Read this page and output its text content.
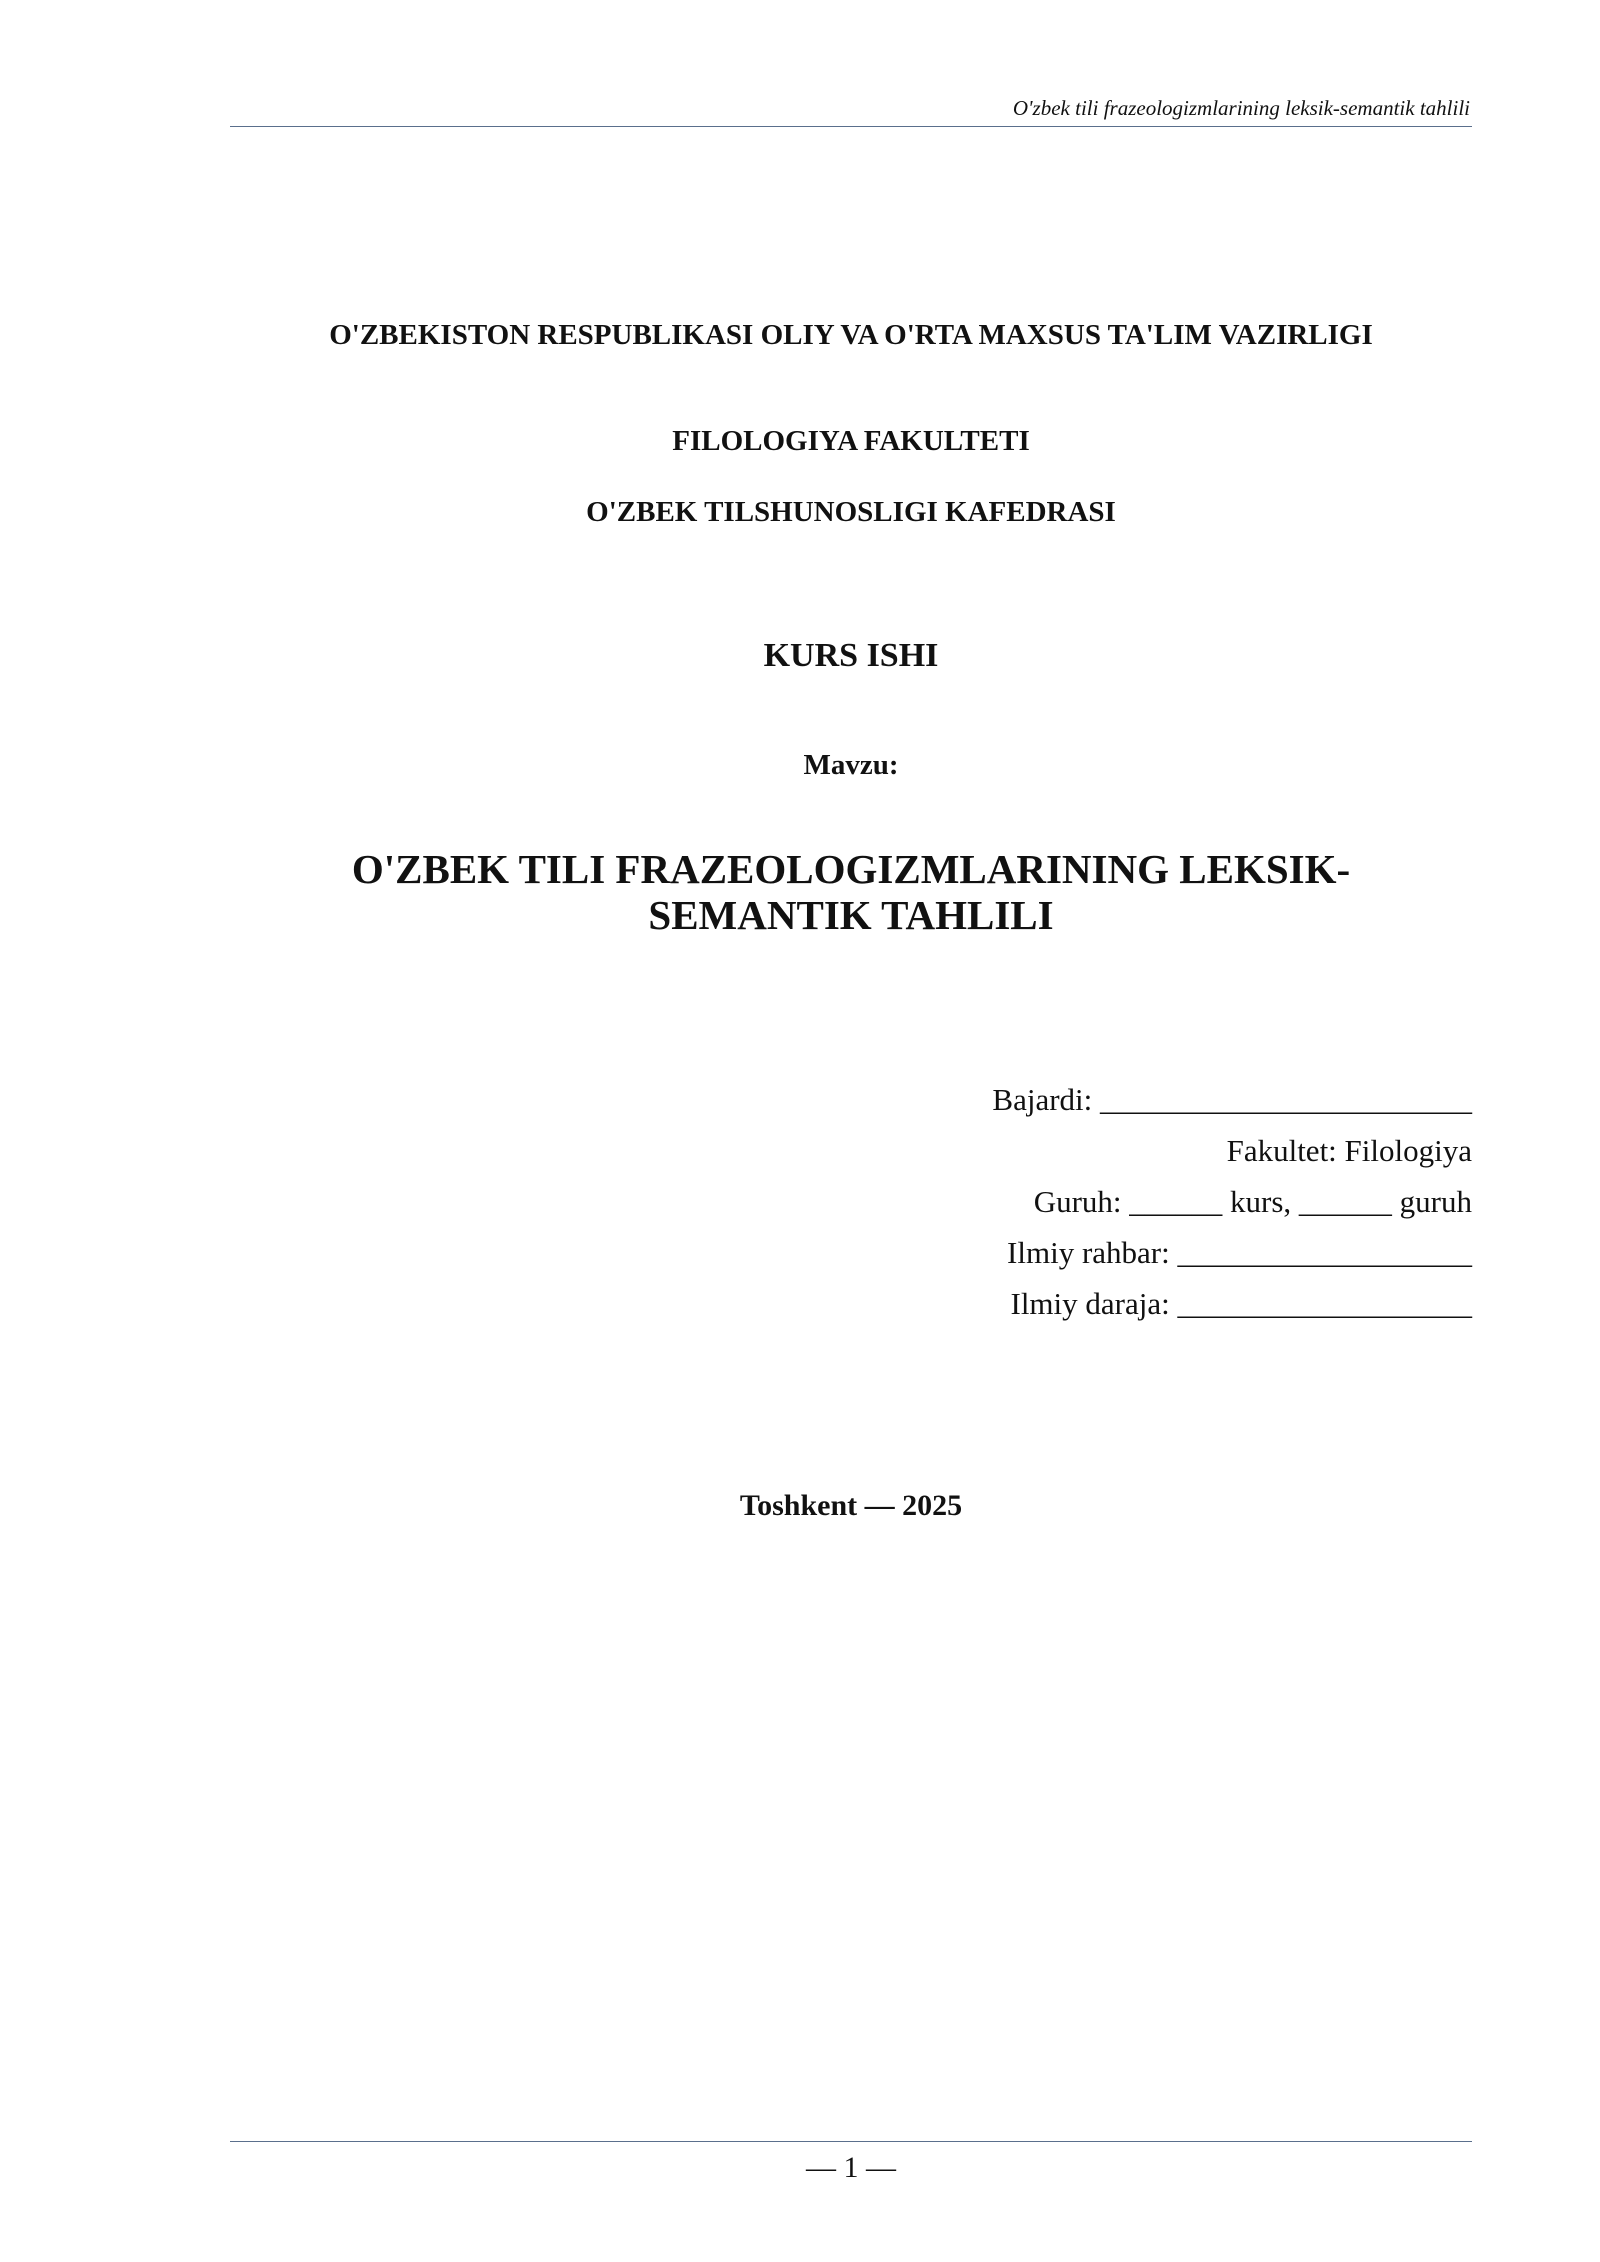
O'zbek tili frazeologizmlarining leksik-semantik tahlili
O'ZBEKISTON RESPUBLIKASI OLIY VA O'RTA MAXSUS TA'LIM VAZIRLIGI
FILOLOGIYA FAKULTETI
O'ZBEK TILSHUNOSLIGI KAFEDRASI
KURS ISHI
Mavzu:
O'ZBEK TILI FRAZEOLOGIZMLARINING LEKSIK-
SEMANTIK TAHLILI
Bajardi: ________________________
Fakultet: Filologiya
Guruh: ______ kurs, ______ guruh
Ilmiy rahbar: ___________________
Ilmiy daraja: ___________________
Toshkent — 2025
— 1 —
